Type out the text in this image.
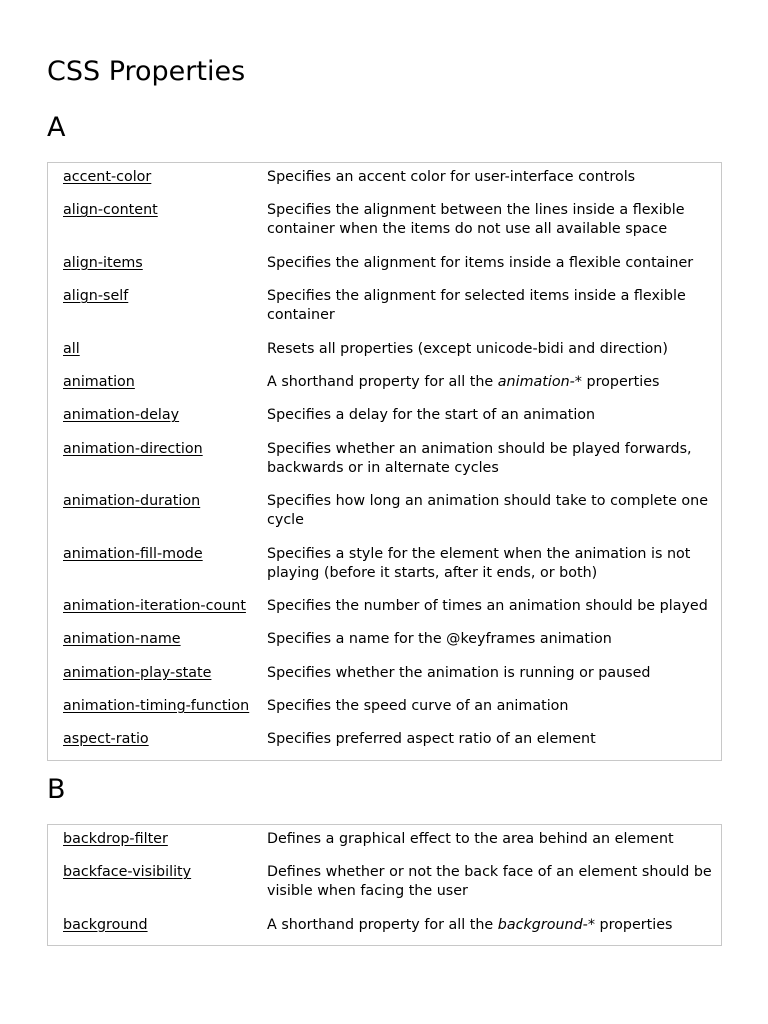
CSS Properties
A
accent-color	Specifies an accent color for user-interface controls
align-content	Specifies the alignment between the lines inside a flexible container when the items do not use all available space
align-items	Specifies the alignment for items inside a flexible container
align-self	Specifies the alignment for selected items inside a flexible container
all	Resets all properties (except unicode-bidi and direction)
animation	A shorthand property for all the animation-* properties
animation-delay	Specifies a delay for the start of an animation
animation-direction	Specifies whether an animation should be played forwards, backwards or in alternate cycles
animation-duration	Specifies how long an animation should take to complete one cycle
animation-fill-mode	Specifies a style for the element when the animation is not playing (before it starts, after it ends, or both)
animation-iteration-count	Specifies the number of times an animation should be played
animation-name	Specifies a name for the @keyframes animation
animation-play-state	Specifies whether the animation is running or paused
animation-timing-function	Specifies the speed curve of an animation
aspect-ratio	Specifies preferred aspect ratio of an element
B
backdrop-filter	Defines a graphical effect to the area behind an element
backface-visibility	Defines whether or not the back face of an element should be visible when facing the user
background	A shorthand property for all the background-* properties
